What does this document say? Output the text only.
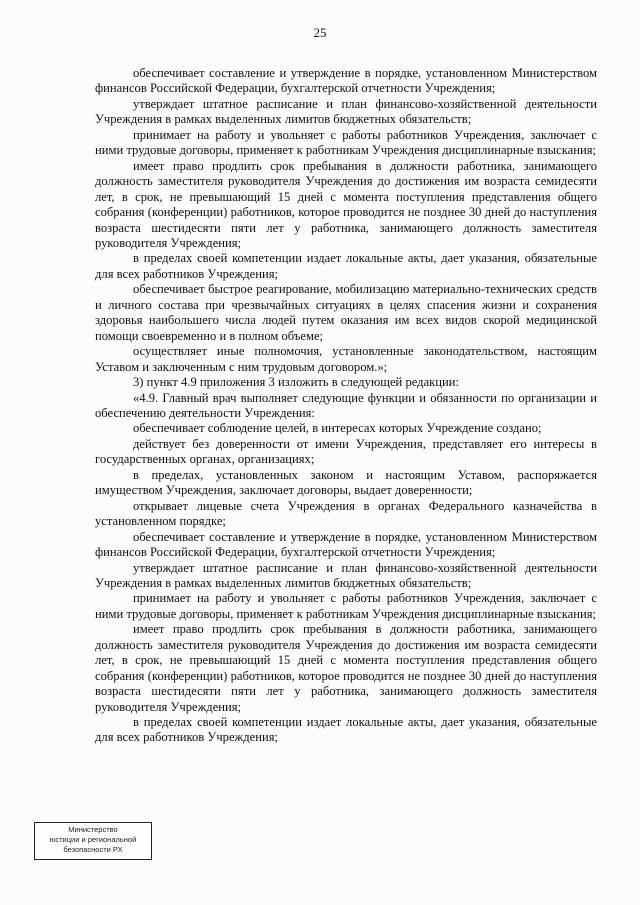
25

обеспечивает составление и утверждение в порядке, установленном Министерством финансов Российской Федерации, бухгалтерской отчетности Учреждения;

утверждает штатное расписание и план финансово-хозяйственной деятельности Учреждения в рамках выделенных лимитов бюджетных обязательств;

принимает на работу и увольняет с работы работников Учреждения, заключает с ними трудовые договоры, применяет к работникам Учреждения дисциплинарные взыскания;

имеет право продлить срок пребывания в должности работника, занимающего должность заместителя руководителя Учреждения до достижения им возраста семидесяти лет, в срок, не превышающий 15 дней с момента поступления представления общего собрания (конференции) работников, которое проводится не позднее 30 дней до наступления возраста шестидесяти пяти лет у работника, занимающего должность заместителя руководителя Учреждения;

в пределах своей компетенции издает локальные акты, дает указания, обязательные для всех работников Учреждения;

обеспечивает быстрое реагирование, мобилизацию материально-технических средств и личного состава при чрезвычайных ситуациях в целях спасения жизни и сохранения здоровья наибольшего числа людей путем оказания им всех видов скорой медицинской помощи своевременно и в полном объеме;

осуществляет иные полномочия, установленные законодательством, настоящим Уставом и заключенным с ним трудовым договором.»;

3) пункт 4.9 приложения 3 изложить в следующей редакции:

«4.9. Главный врач выполняет следующие функции и обязанности по организации и обеспечению деятельности Учреждения:

обеспечивает соблюдение целей, в интересах которых Учреждение создано;

действует без доверенности от имени Учреждения, представляет его интересы в государственных органах, организациях;

в пределах, установленных законом и настоящим Уставом, распоряжается имуществом Учреждения, заключает договоры, выдает доверенности;

открывает лицевые счета Учреждения в органах Федерального казначейства в установленном порядке;

обеспечивает составление и утверждение в порядке, установленном Министерством финансов Российской Федерации, бухгалтерской отчетности Учреждения;

утверждает штатное расписание и план финансово-хозяйственной деятельности Учреждения в рамках выделенных лимитов бюджетных обязательств;

принимает на работу и увольняет с работы работников Учреждения, заключает с ними трудовые договоры, применяет к работникам Учреждения дисциплинарные взыскания;

имеет право продлить срок пребывания в должности работника, занимающего должность заместителя руководителя Учреждения до достижения им возраста семидесяти лет, в срок, не превышающий 15 дней с момента поступления представления общего собрания (конференции) работников, которое проводится не позднее 30 дней до наступления возраста шестидесяти пяти лет у работника, занимающего должность заместителя руководителя Учреждения;

в пределах своей компетенции издает локальные акты, дает указания, обязательные для всех работников Учреждения;

Министерство
юстиции и региональной
безопасности РХ
